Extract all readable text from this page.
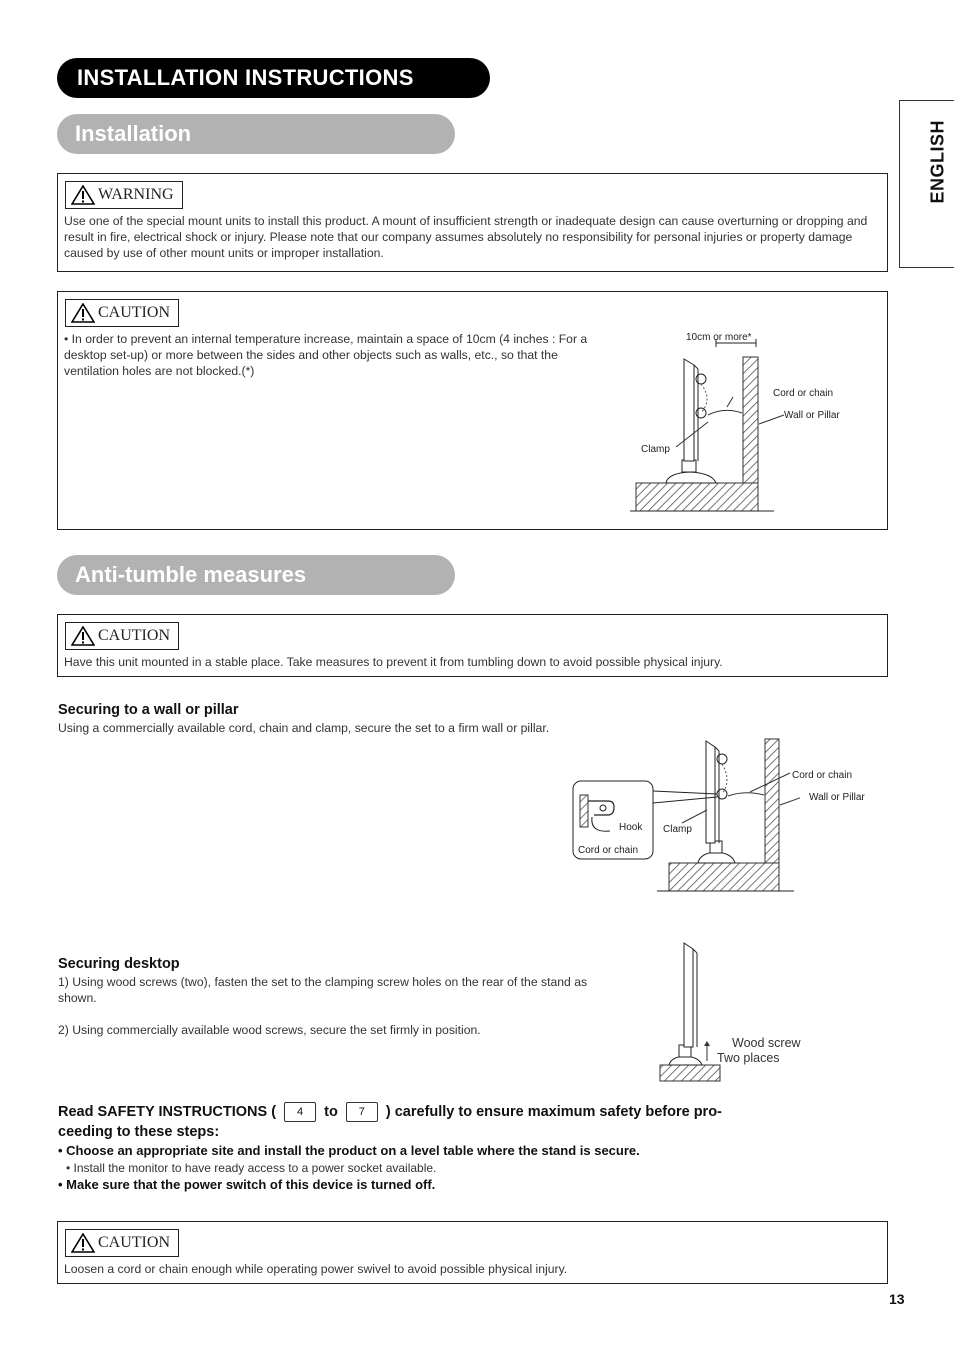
INSTALLATION INSTRUCTIONS
ENGLISH
Installation
WARNING
Use one of the special mount units to install this product. A mount of insufficient strength or inadequate design can cause overturning or dropping and result in fire, electrical shock or injury. Please note that our company assumes absolutely no responsibility for personal injuries or property damage caused by use of other mount units or improper installation.
CAUTION
• In order to prevent an internal temperature increase, maintain a space of 10cm (4 inches : For a desktop set-up) or more between the sides and other objects such as walls, etc., so that the ventilation holes are not blocked.(*)
10cm or more*
Cord or chain
Wall or Pillar
Clamp
Anti-tumble measures
CAUTION
Have this unit mounted in a stable place. Take measures to prevent it from tumbling down to avoid possible physical injury.
Securing to a wall or pillar
Using a commercially available cord, chain and clamp, secure the set to a firm wall or pillar.
Hook
Cord or chain
Clamp
Cord or chain
Wall or Pillar
Securing desktop
1) Using wood screws (two), fasten the set to the clamping screw holes on the rear of the stand as shown.
2) Using commercially available wood screws, secure the set firmly in position.
Wood screw
Two places
Read SAFETY INSTRUCTIONS ( 4 to 7 ) carefully to ensure maximum safety before pro-
ceeding to these steps:
• Choose an appropriate site and install the product on a level table where the stand is secure.
• Install the monitor to have ready access to a power socket available.
• Make sure that the power switch of this device is turned off.
CAUTION
Loosen a cord or chain enough while operating power swivel to avoid possible physical injury.
13
